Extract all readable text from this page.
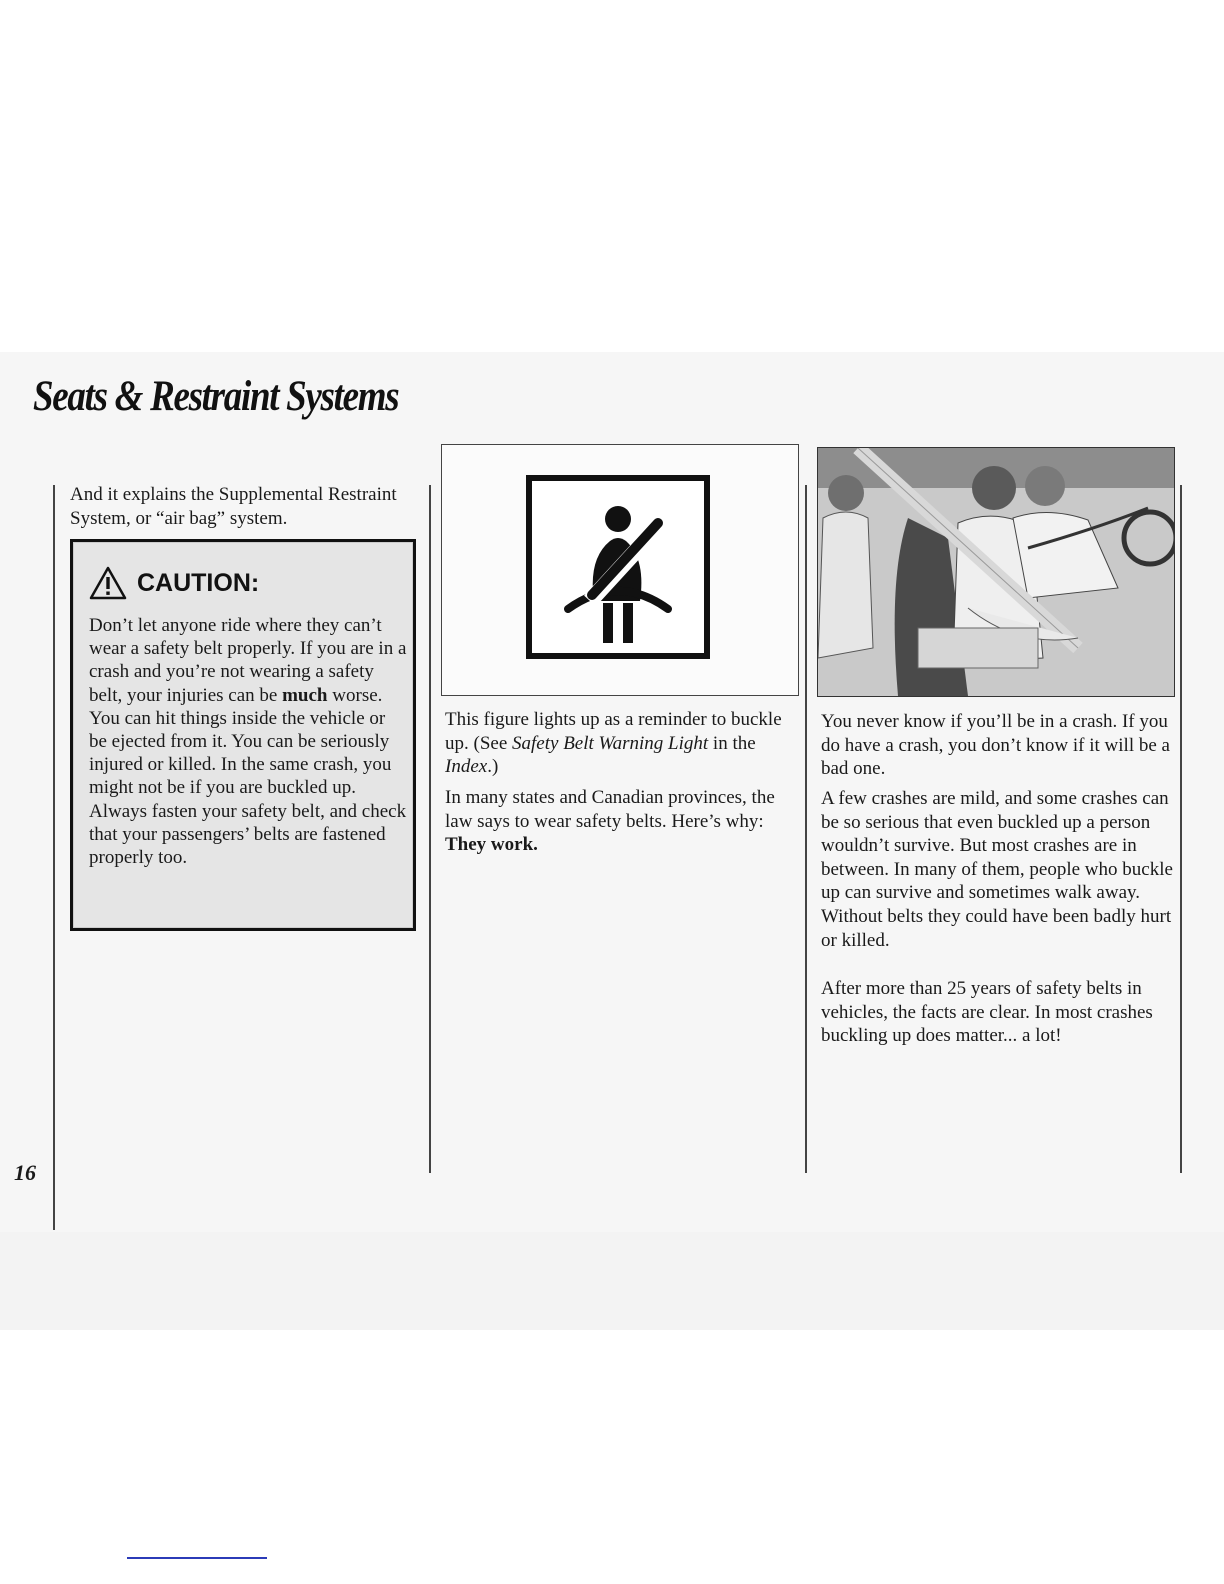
Seats & Restraint Systems

And it explains the Supplemental Restraint System, or “air bag” system.

CAUTION:

Don’t let anyone ride where they can’t wear a safety belt properly. If you are in a crash and you’re not wearing a safety belt, your injuries can be much worse. You can hit things inside the vehicle or be ejected from it. You can be seriously injured or killed. In the same crash, you might not be if you are buckled up. Always fasten your safety belt, and check that your passengers’ belts are fastened properly too.

This figure lights up as a reminder to buckle up. (See Safety Belt Warning Light in the Index.)

In many states and Canadian provinces, the law says to wear safety belts. Here’s why: They work.

You never know if you’ll be in a crash. If you do have a crash, you don’t know if it will be a bad one.

A few crashes are mild, and some crashes can be so serious that even buckled up a person wouldn’t survive. But most crashes are in between. In many of them, people who buckle up can survive and sometimes walk away. Without belts they could have been badly hurt or killed.

After more than 25 years of safety belts in vehicles, the facts are clear. In most crashes buckling up does matter... a lot!

16
